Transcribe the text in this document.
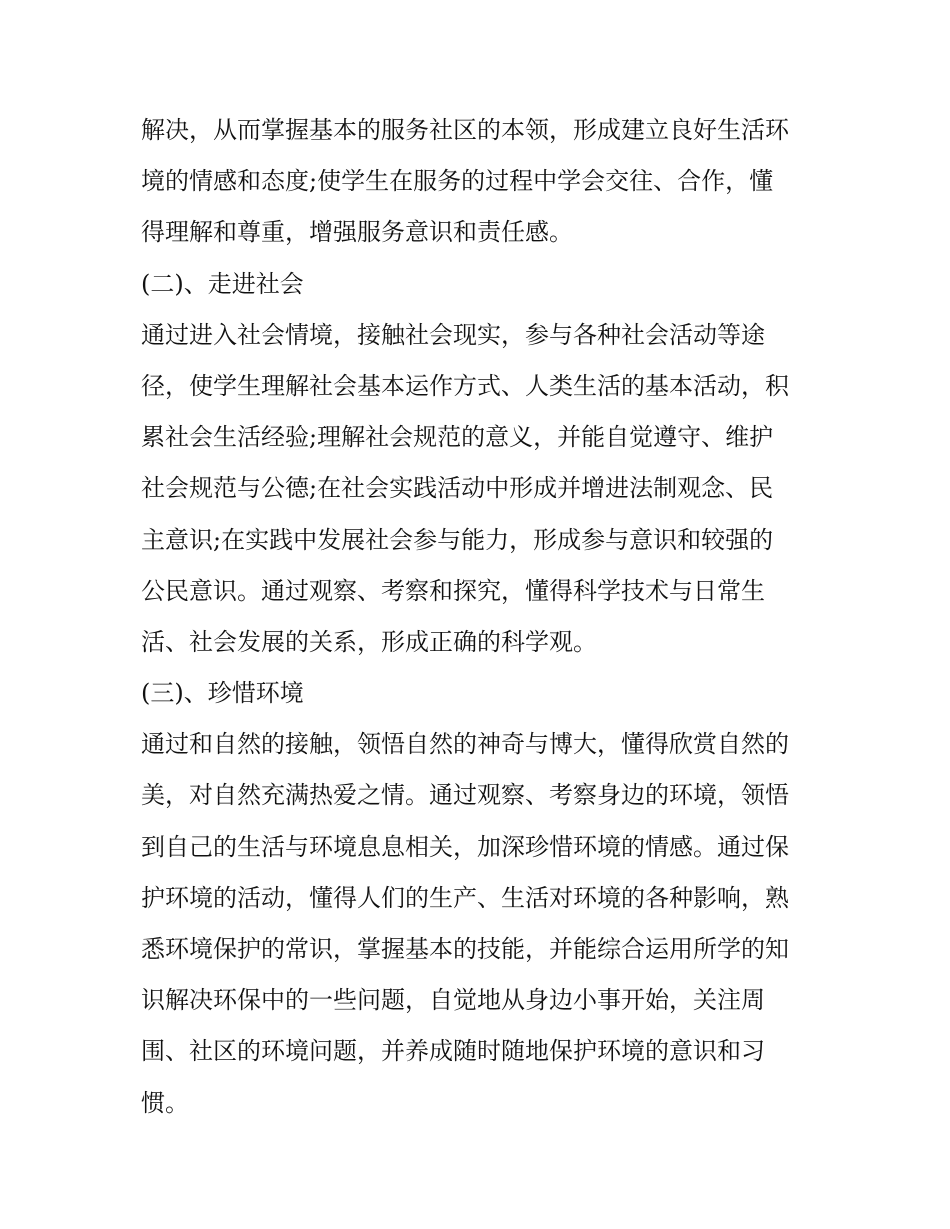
解决，从而掌握基本的服务社区的本领，形成建立良好生活环
境的情感和态度;使学生在服务的过程中学会交往、合作，懂
得理解和尊重，增强服务意识和责任感。
(二)、走进社会
通过进入社会情境，接触社会现实，参与各种社会活动等途
径，使学生理解社会基本运作方式、人类生活的基本活动，积
累社会生活经验;理解社会规范的意义，并能自觉遵守、维护
社会规范与公德;在社会实践活动中形成并增进法制观念、民
主意识;在实践中发展社会参与能力，形成参与意识和较强的
公民意识。通过观察、考察和探究，懂得科学技术与日常生
活、社会发展的关系，形成正确的科学观。
(三)、珍惜环境
通过和自然的接触，领悟自然的神奇与博大，懂得欣赏自然的
美，对自然充满热爱之情。通过观察、考察身边的环境，领悟
到自己的生活与环境息息相关，加深珍惜环境的情感。通过保
护环境的活动，懂得人们的生产、生活对环境的各种影响，熟
悉环境保护的常识，掌握基本的技能，并能综合运用所学的知
识解决环保中的一些问题，自觉地从身边小事开始，关注周
围、社区的环境问题，并养成随时随地保护环境的意识和习
惯。
